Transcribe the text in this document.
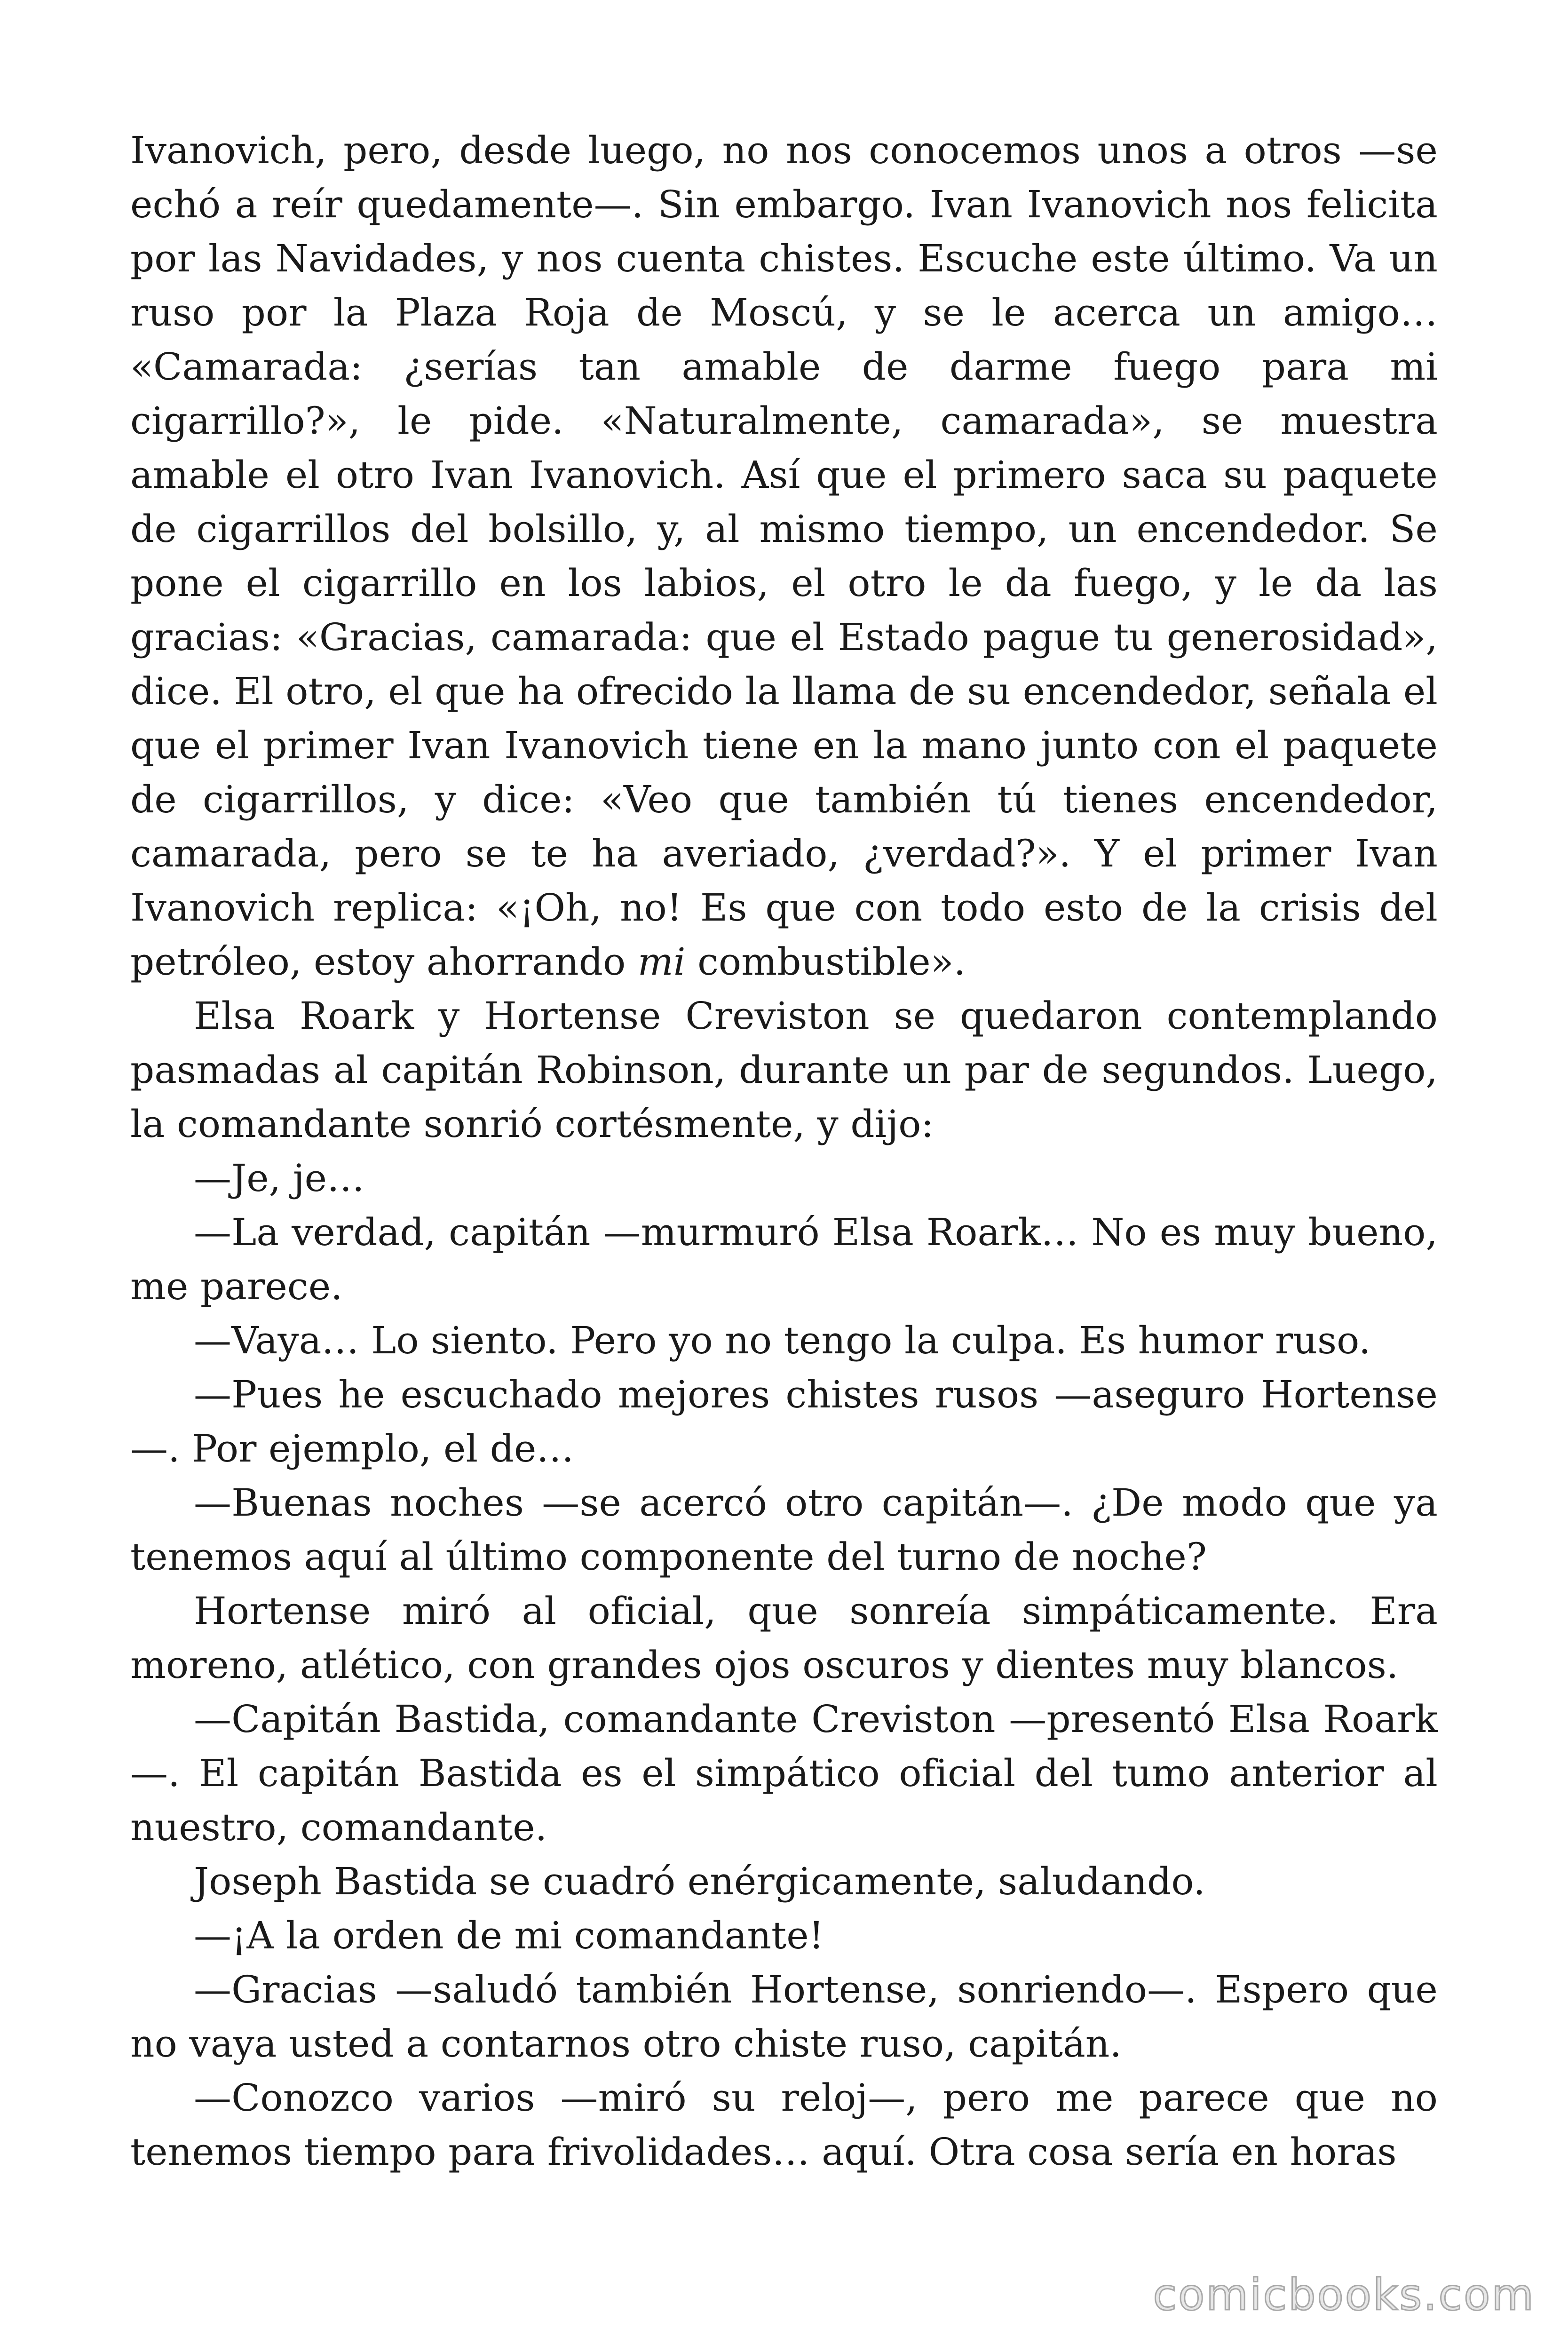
Ivanovich, pero, desde luego, no nos conocemos unos a otros —se echó a reír quedamente—. Sin embargo. Ivan Ivanovich nos felicita por las Navidades, y nos cuenta chistes. Escuche este último. Va un ruso por la Plaza Roja de Moscú, y se le acerca un amigo… «Camarada: ¿serías tan amable de darme fuego para mi cigarrillo?», le pide. «Naturalmente, camarada», se muestra amable el otro Ivan Ivanovich. Así que el primero saca su paquete de cigarrillos del bolsillo, y, al mismo tiempo, un encendedor. Se pone el cigarrillo en los labios, el otro le da fuego, y le da las gracias: «Gracias, camarada: que el Estado pague tu generosidad», dice. El otro, el que ha ofrecido la llama de su encendedor, señala el que el primer Ivan Ivanovich tiene en la mano junto con el paquete de cigarrillos, y dice: «Veo que también tú tienes encendedor, camarada, pero se te ha averiado, ¿verdad?». Y el primer Ivan Ivanovich replica: «¡Oh, no! Es que con todo esto de la crisis del petróleo, estoy ahorrando mi combustible».

Elsa Roark y Hortense Creviston se quedaron contemplando pasmadas al capitán Robinson, durante un par de segundos. Luego, la comandante sonrió cortésmente, y dijo:

—Je, je…

—La verdad, capitán —murmuró Elsa Roark… No es muy bueno, me parece.

—Vaya… Lo siento. Pero yo no tengo la culpa. Es humor ruso.

—Pues he escuchado mejores chistes rusos —aseguro Hortense —. Por ejemplo, el de…

—Buenas noches —se acercó otro capitán—. ¿De modo que ya tenemos aquí al último componente del turno de noche?

Hortense miró al oficial, que sonreía simpáticamente. Era moreno, atlético, con grandes ojos oscuros y dientes muy blancos.

—Capitán Bastida, comandante Creviston —presentó Elsa Roark —. El capitán Bastida es el simpático oficial del tumo anterior al nuestro, comandante.

Joseph Bastida se cuadró enérgicamente, saludando.

—¡A la orden de mi comandante!

—Gracias —saludó también Hortense, sonriendo—. Espero que no vaya usted a contarnos otro chiste ruso, capitán.

—Conozco varios —miró su reloj—, pero me parece que no tenemos tiempo para frivolidades… aquí. Otra cosa sería en horas

comicbooks.com
